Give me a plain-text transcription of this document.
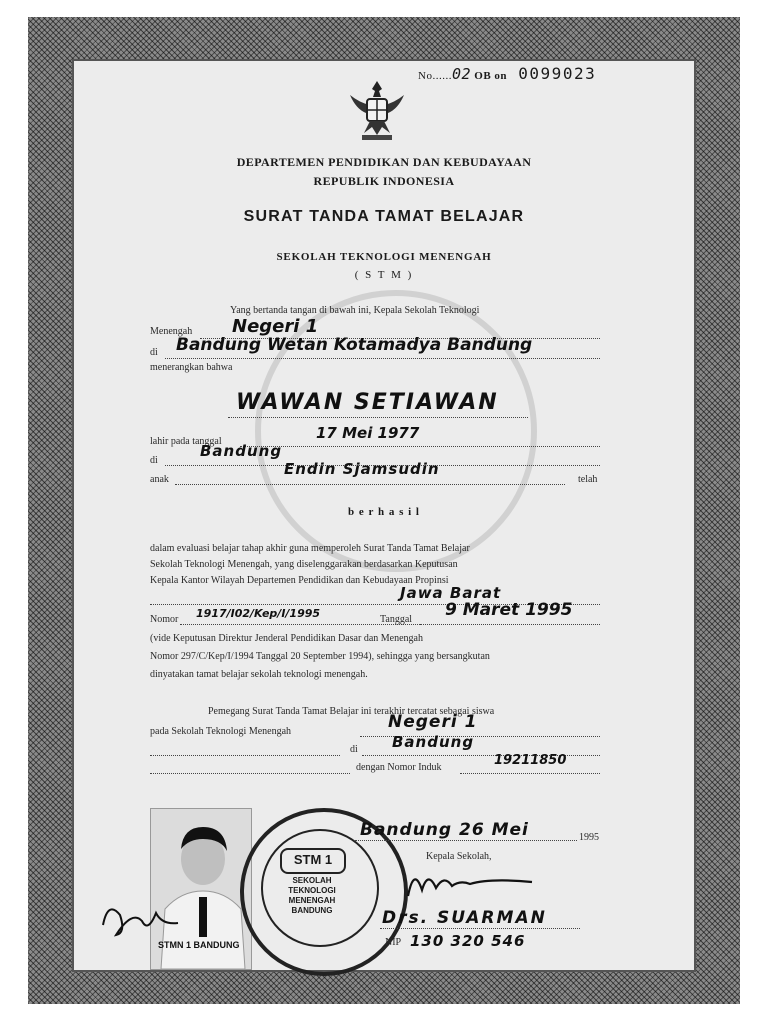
No......02 OB on 0099023
DEPARTEMEN PENDIDIKAN DAN KEBUDAYAAN
REPUBLIK INDONESIA
SURAT TANDA TAMAT BELAJAR
SEKOLAH TEKNOLOGI MENENGAH
( S T M )
Yang bertanda tangan di bawah ini, Kepala Sekolah Teknologi
Menengah Negeri 1
di Bandung Wetan Kotamadya Bandung
menerangkan bahwa
WAWAN SETIAWAN
lahir pada tanggal	17 Mei 1977
di
Bandung
anak
Endin Sjamsudin
telah
b e r h a s i l
dalam evaluasi belajar tahap akhir guna memperoleh Surat Tanda Tamat Belajar
Sekolah Teknologi Menengah, yang diselenggarakan berdasarkan Keputusan
Kepala Kantor Wilayah Departemen Pendidikan dan Kebudayaan Propinsi
Jawa Barat
Nomor 1917/I02/Kep/I/1995	Tanggal 9 Maret 1995
(vide Keputusan Direktur Jenderal Pendidikan Dasar dan Menengah
Nomor 297/C/Kep/I/1994 Tanggal 20 September 1994), sehingga yang bersangkutan
dinyatakan tamat belajar sekolah teknologi menengah.
Pemegang Surat Tanda Tamat Belajar ini terakhir tercatat sebagai siswa
pada Sekolah Teknologi Menengah	Negeri 1
di Bandung
dengan Nomor Induk	19211850
STMN 1 BANDUNG
STM 1
SEKOLAH
TEKNOLOGI
MENENGAH
BANDUNG
Bandung 26 Mei	1995
Kepala Sekolah,
Drs. SUARMAN
NIP 130 320 546
